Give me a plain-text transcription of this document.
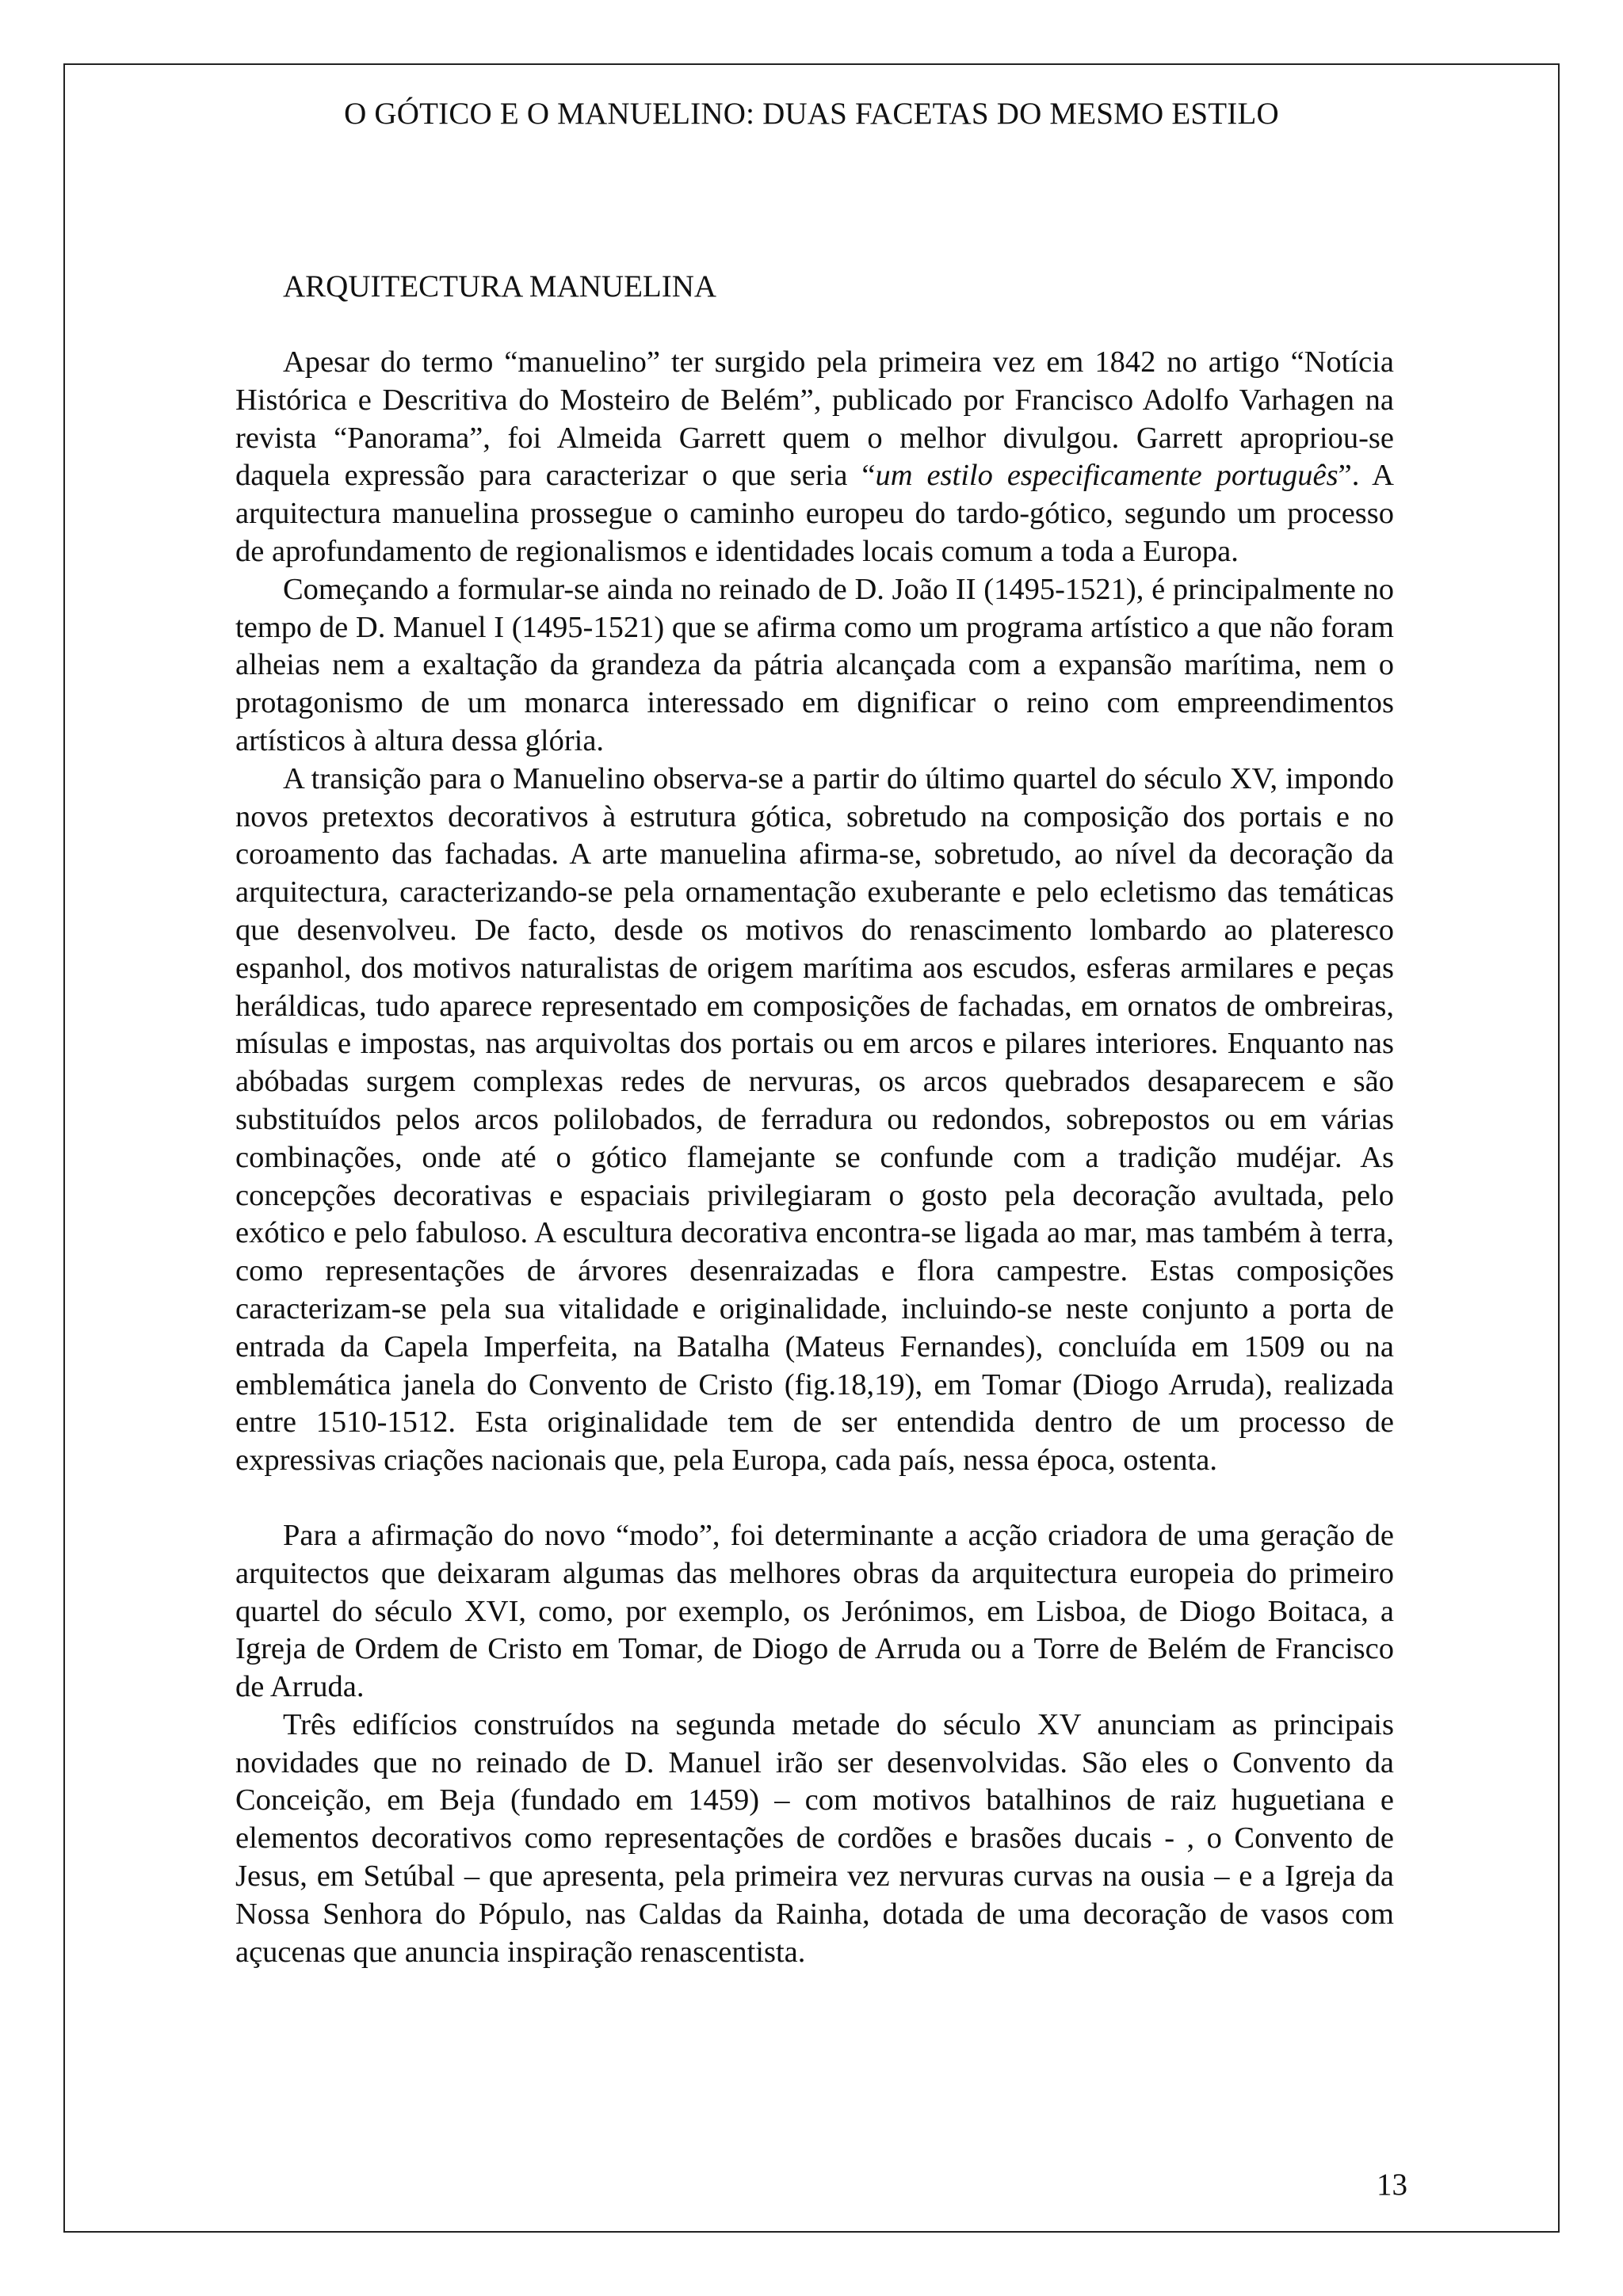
O GÓTICO E O MANUELINO: DUAS FACETAS DO MESMO ESTILO
ARQUITECTURA MANUELINA

Apesar do termo “manuelino” ter surgido pela primeira vez em 1842 no artigo “Notícia Histórica e Descritiva do Mosteiro de Belém”, publicado por Francisco Adolfo Varhagen na revista “Panorama”, foi Almeida Garrett quem o melhor divulgou. Garrett apropriou-se daquela expressão para caracterizar o que seria “um estilo especificamente português”. A arquitectura manuelina prossegue o caminho europeu do tardo-gótico, segundo um processo de aprofundamento de regionalismos e identidades locais comum a toda a Europa.

Começando a formular-se ainda no reinado de D. João II (1495-1521), é principalmente no tempo de D. Manuel I (1495-1521) que se afirma como um programa artístico a que não foram alheias nem a exaltação da grandeza da pátria alcançada com a expansão marítima, nem o protagonismo de um monarca interessado em dignificar o reino com empreendimentos artísticos à altura dessa glória.

A transição para o Manuelino observa-se a partir do último quartel do século XV, impondo novos pretextos decorativos à estrutura gótica, sobretudo na composição dos portais e no coroamento das fachadas. A arte manuelina afirma-se, sobretudo, ao nível da decoração da arquitectura, caracterizando-se pela ornamentação exuberante e pelo ecletismo das temáticas que desenvolveu. De facto, desde os motivos do renascimento lombardo ao plateresco espanhol, dos motivos naturalistas de origem marítima aos escudos, esferas armilares e peças heráldicas, tudo aparece representado em composições de fachadas, em ornatos de ombreiras, mísulas e impostas, nas arquivoltas dos portais ou em arcos e pilares interiores. Enquanto nas abóbadas surgem complexas redes de nervuras, os arcos quebrados desaparecem e são substituídos pelos arcos polilobados, de ferradura ou redondos, sobrepostos ou em várias combinações, onde até o gótico flamejante se confunde com a tradição mudéjar. As concepções decorativas e espaciais privilegiaram o gosto pela decoração avultada, pelo exótico e pelo fabuloso. A escultura decorativa encontra-se ligada ao mar, mas também à terra, como representações de árvores desenraizadas e flora campestre. Estas composições caracterizam-se pela sua vitalidade e originalidade, incluindo-se neste conjunto a porta de entrada da Capela Imperfeita, na Batalha (Mateus Fernandes), concluída em 1509 ou na emblemática janela do Convento de Cristo (fig.18,19), em Tomar (Diogo Arruda), realizada entre 1510-1512. Esta originalidade tem de ser entendida dentro de um processo de expressivas criações nacionais que, pela Europa, cada país, nessa época, ostenta.

Para a afirmação do novo “modo”, foi determinante a acção criadora de uma geração de arquitectos que deixaram algumas das melhores obras da arquitectura europeia do primeiro quartel do século XVI, como, por exemplo, os Jerónimos, em Lisboa, de Diogo Boitaca, a Igreja de Ordem de Cristo em Tomar, de Diogo de Arruda ou a Torre de Belém de Francisco de Arruda.

Três edifícios construídos na segunda metade do século XV anunciam as principais novidades que no reinado de D. Manuel irão ser desenvolvidas. São eles o Convento da Conceição, em Beja (fundado em 1459) – com motivos batalhinos de raiz huguetiana e elementos decorativos como representações de cordões e brasões ducais - , o Convento de Jesus, em Setúbal – que apresenta, pela primeira vez nervuras curvas na ousia – e a Igreja da Nossa Senhora do Pópulo, nas Caldas da Rainha, dotada de uma decoração de vasos com açucenas que anuncia inspiração renascentista.

13
